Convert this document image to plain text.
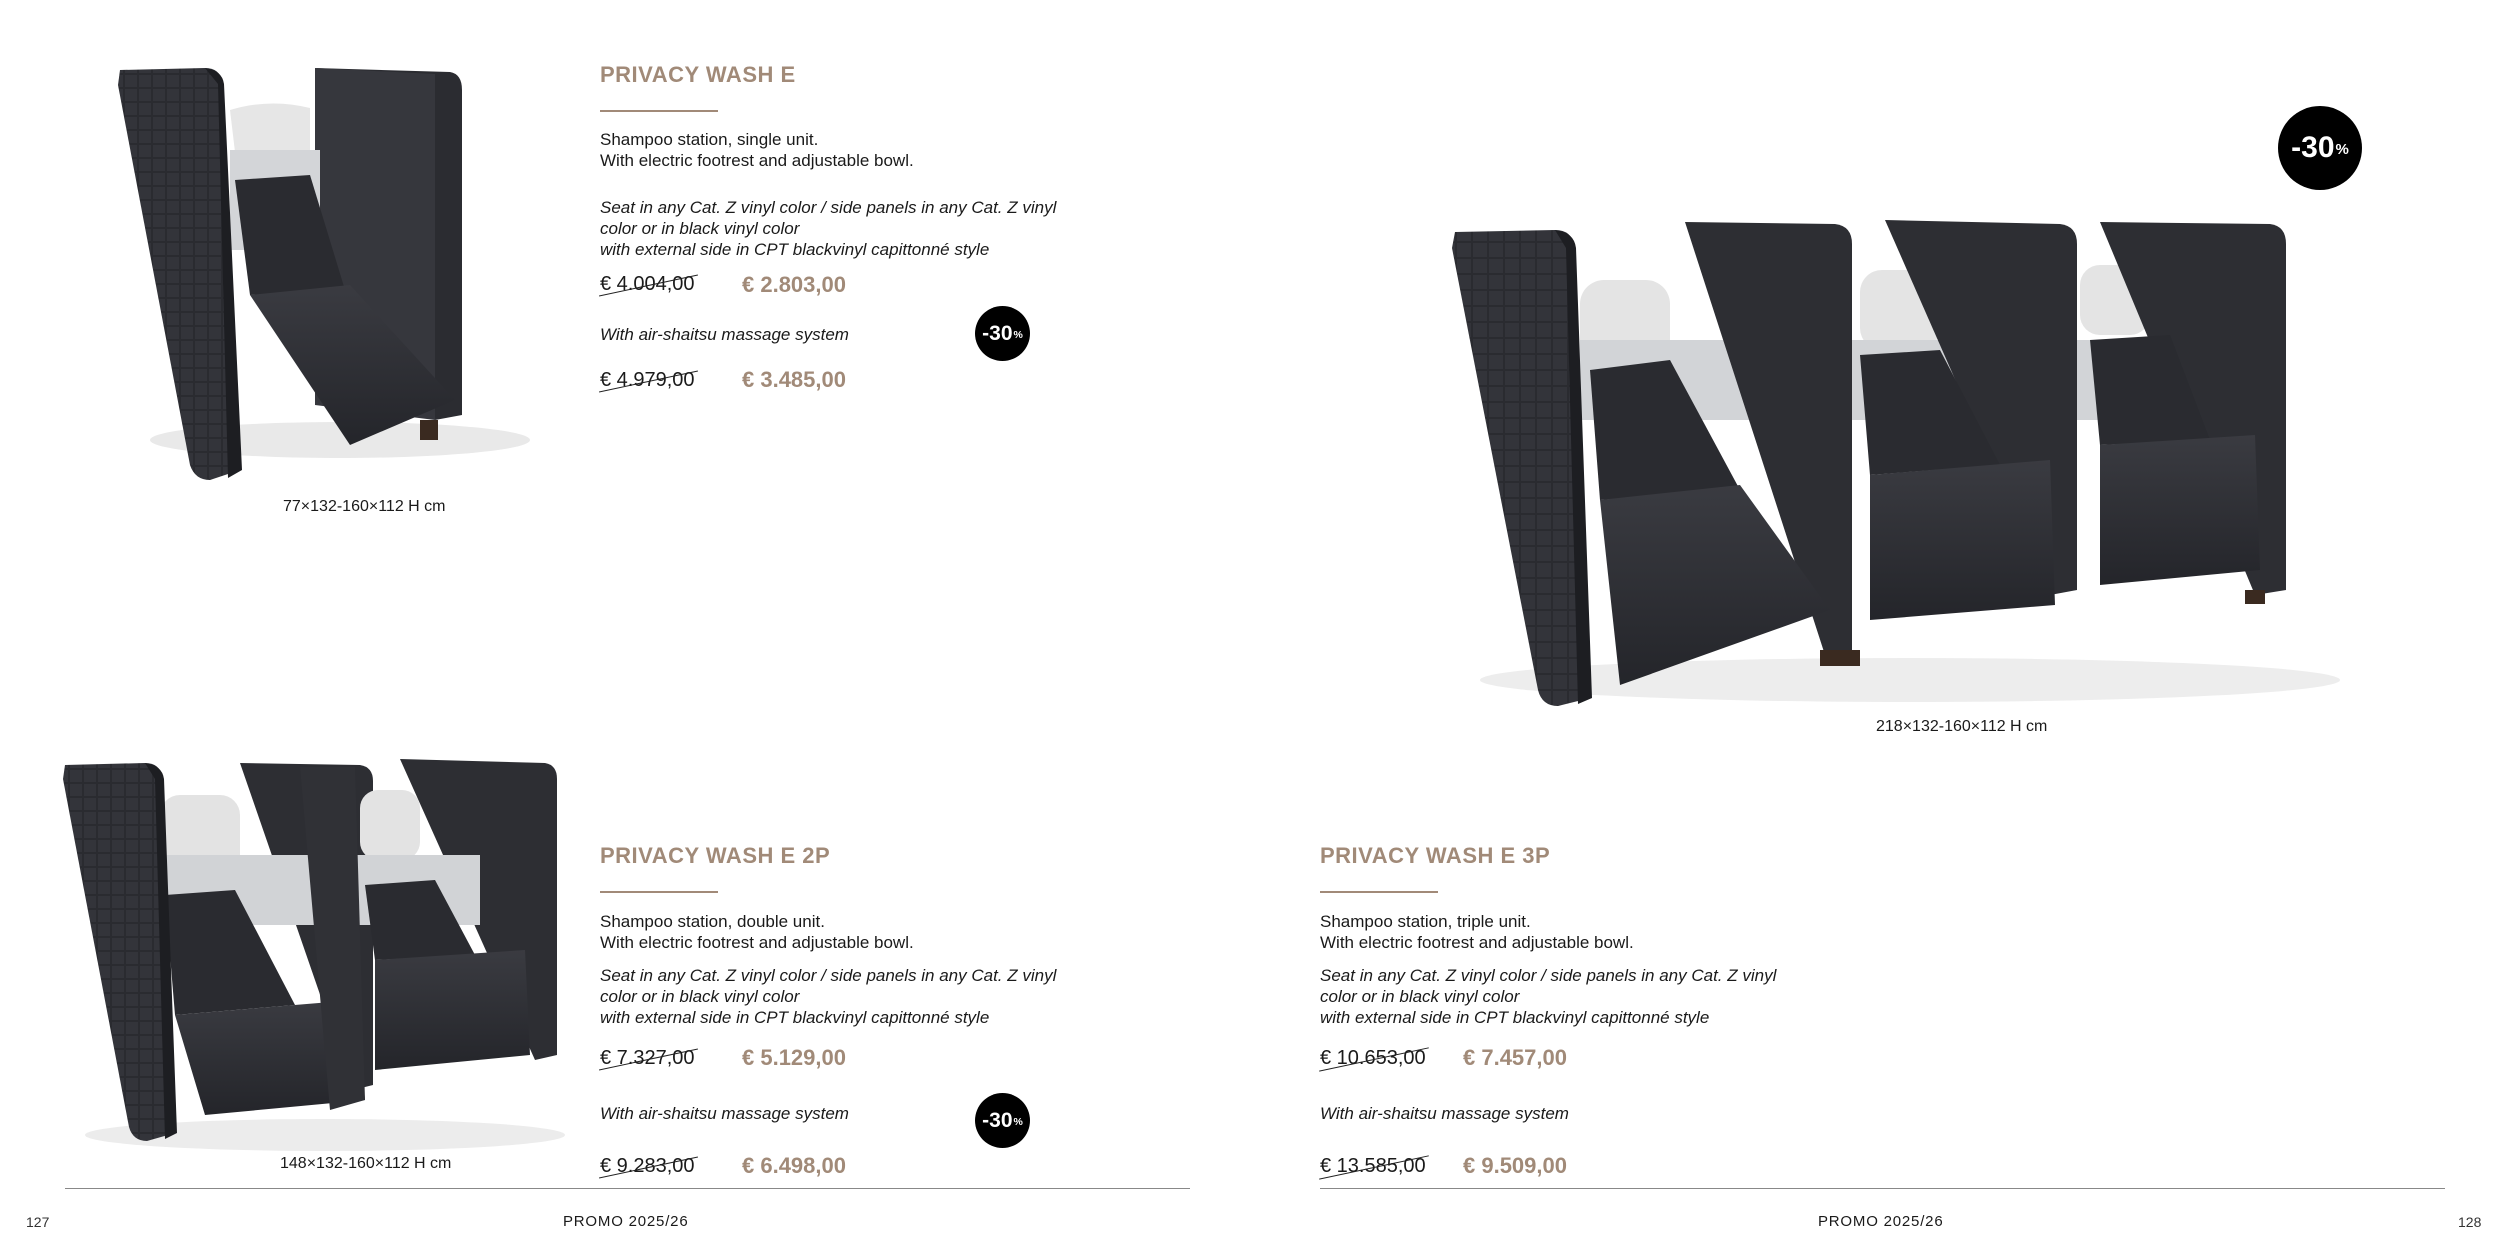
77×132-160×112 H cm
PRIVACY WASH E
Shampoo station, single unit.
With electric footrest and adjustable bowl.
Seat in any Cat. Z vinyl color / side panels in any Cat. Z vinyl
color or in black vinyl color
with external side in CPT blackvinyl capittonné style
€ 4.004,00 € 2.803,00
With air-shaitsu massage system	-30 %
€ 4.979,00 € 3.485,00
148×132-160×112 H cm
PRIVACY WASH E 2P
Shampoo station, double unit.
With electric footrest and adjustable bowl.
Seat in any Cat. Z vinyl color / side panels in any Cat. Z vinyl
color or in black vinyl color
with external side in CPT blackvinyl capittonné style
€ 7.327,00 € 5.129,00
With air-shaitsu massage system	-30 %
€ 9.283,00 € 6.498,00
-30 %
218×132-160×112 H cm
PRIVACY WASH E 3P
Shampoo station, triple unit.
With electric footrest and adjustable bowl.
Seat in any Cat. Z vinyl color / side panels in any Cat. Z vinyl
color or in black vinyl color
with external side in CPT blackvinyl capittonné style
€ 10.653,00 € 7.457,00
With air-shaitsu massage system
€ 13.585,00 € 9.509,00
127	PROMO 2025/26	PROMO 2025/26	128
